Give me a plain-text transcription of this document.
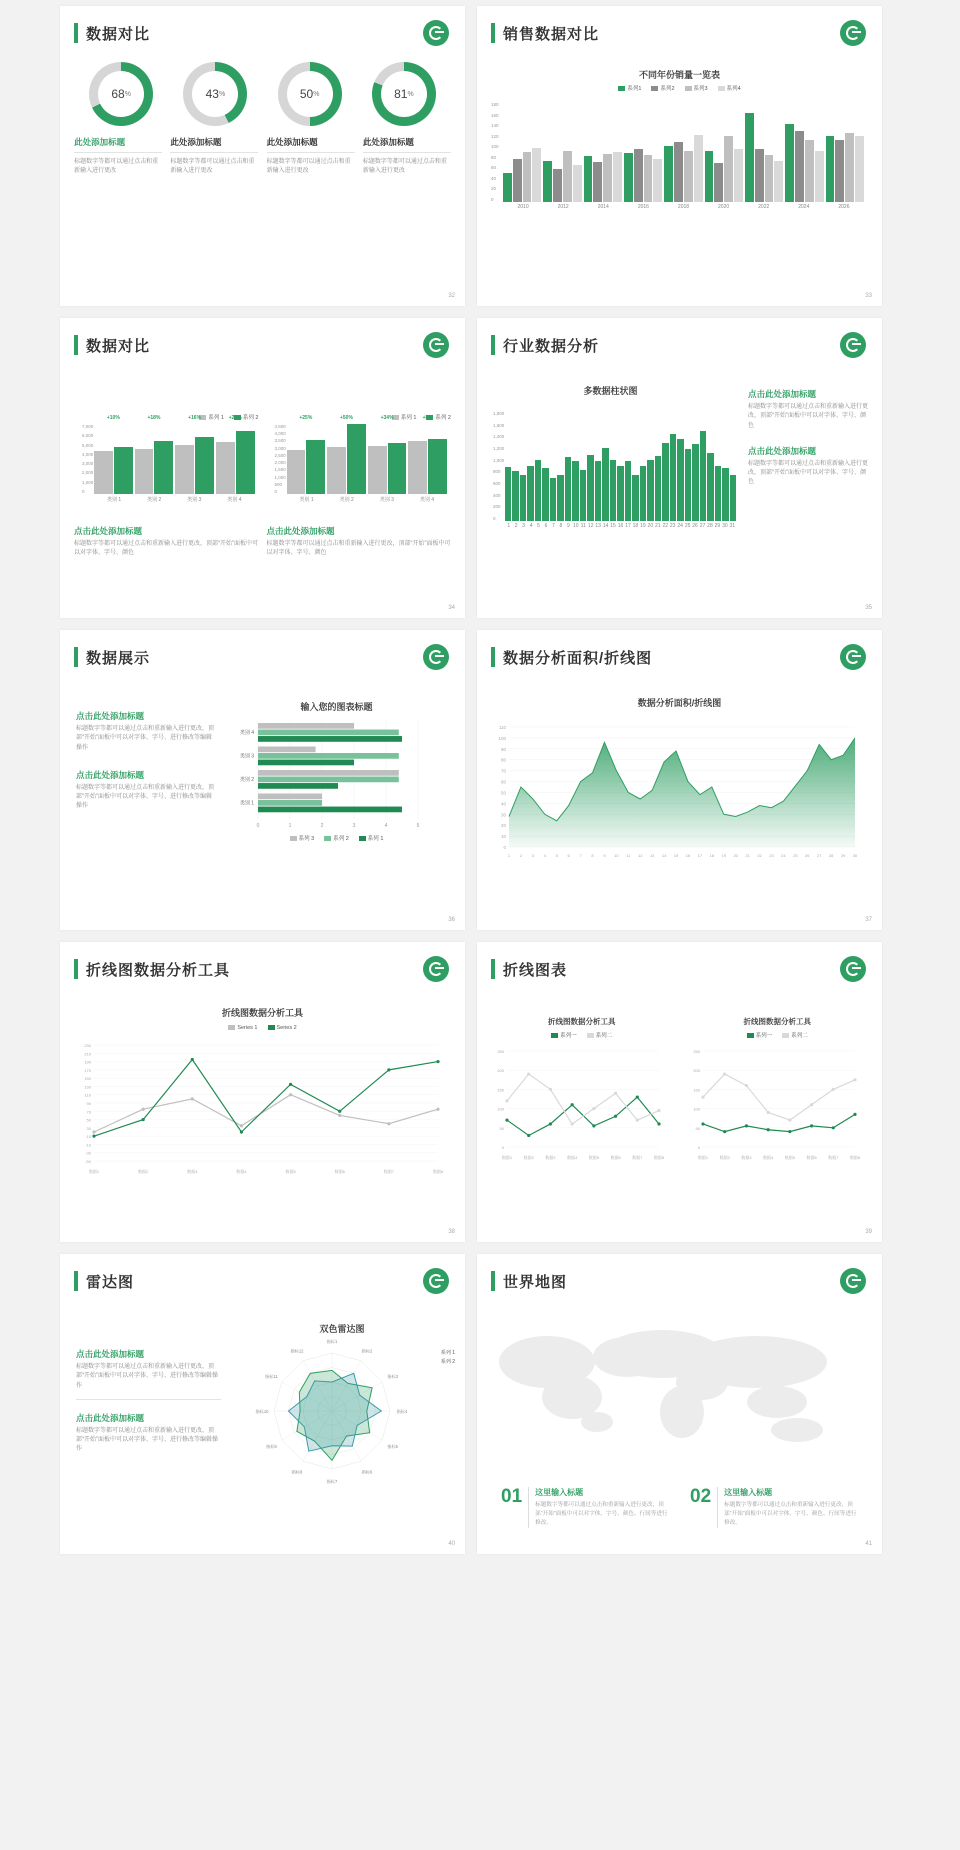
数据对比
68 %	43 %	50 %	81 %
此处添加标题

标题数字等都可以通过点击和重新输入进行更改

此处添加标题

标题数字等都可以通过点击和重新输入进行更改

此处添加标题

标题数字等都可以通过点击和重新输入进行更改

此处添加标题

标题数字等都可以通过点击和重新输入进行更改

32
销售数据对比
不同年份销量一览表
系列1	系列2	系列3	系列4
180
160
140
120
100
80
60
40
20
0
2010	2012	2014	2016	2018	2020	2022	2024	2026
33
数据对比
系列 1	系列 2
7,000
6,000
5,000
4,000
3,000
2,000
1,000
0
+10%	+18%	+16%	+22%
类别 1	类别 2	类别 3	类别 4
系列 1	系列 2
4,500
4,000
3,500
3,000
2,500
2,000
1,500
1,000
500
0
+25%	+50%	+34%	+5%
类别 1	类别 2	类别 3	类别 4
点击此处添加标题

标题数字等都可以通过点击和重新输入进行更改，顶部“开始”面板中可以对字体、字号、颜色

点击此处添加标题

标题数字等都可以通过点击和重新输入进行更改，顶部“开始”面板中可以对字体、字号、颜色

34
行业数据分析
多数据柱状图
1,800
1,600
1,400
1,200
1,000
800
600
400
200
0
1 2 3 4 5 6 7 8 9 10 11 12 13 14 15 16 17 18 19 20 21 22 23 24 25 26 27 28 29 30 31
点击此处添加标题

标题数字等都可以通过点击和重新输入进行更改，顶部“开始”面板中可以对字体、字号、颜色

点击此处添加标题

标题数字等都可以通过点击和重新输入进行更改，顶部“开始”面板中可以对字体、字号、颜色

35
数据展示
点击此处添加标题

标题数字等都可以通过点击和重新输入进行更改，顶部“开始”面板中可以对字体、字号、进行修改等编辑操作

点击此处添加标题

标题数字等都可以通过点击和重新输入进行更改，顶部“开始”面板中可以对字体、字号、进行修改等编辑操作

输入您的图表标题
0	1	2	3	4	5
类别 4
类别 3
类别 2
类别 1
系列 3	系列 2	系列 1
36
数据分析面积/折线图
数据分析面积/折线图
0
10
20
30
40
50
60
70
80
90
100
110
1 2 3 4 5 6 7 8 9 10 11 12 13 14 15 16 17 18 19 20 21 22 23 24 25 26 27 28 29 30
37
折线图数据分析工具
折线图数据分析工具
Series 1	Series 2
230
210
190
170
150
130
110
90
70
50
30
10
-10
-30
-50
数据1	数据2	数据3	数据4	数据5	数据6	数据7	数据8
38
折线图表
折线图数据分析工具
系列一	系列二
0
50
100
150
200
250
数据1	数据2	数据3	数据4	数据5	数据6	数据7	数据8
折线图数据分析工具
系列一	系列二
0
50
100
150
200
250
数据1	数据2	数据3	数据4	数据5	数据6	数据7	数据8
39
雷达图
点击此处添加标题

标题数字等都可以通过点击和重新输入进行更改，顶部“开始”面板中可以对字体、字号、进行修改等编辑操作

点击此处添加标题

标题数字等都可以通过点击和重新输入进行更改，顶部“开始”面板中可以对字体、字号、进行修改等编辑操作

双色雷达图
指标1
指标2
指标3
指标4
指标5
指标6
指标7
指标8
指标9
指标10
指标11
指标12	系列 1
系列 2
40
世界地图
01 这里输入标题
标题数字等都可以通过点击和重新输入进行更改，顶部“开始”面板中可以对字体、字号、颜色、行间等进行修改。
02 这里输入标题
标题数字等都可以通过点击和重新输入进行更改，顶部“开始”面板中可以对字体、字号、颜色、行间等进行修改。
41
